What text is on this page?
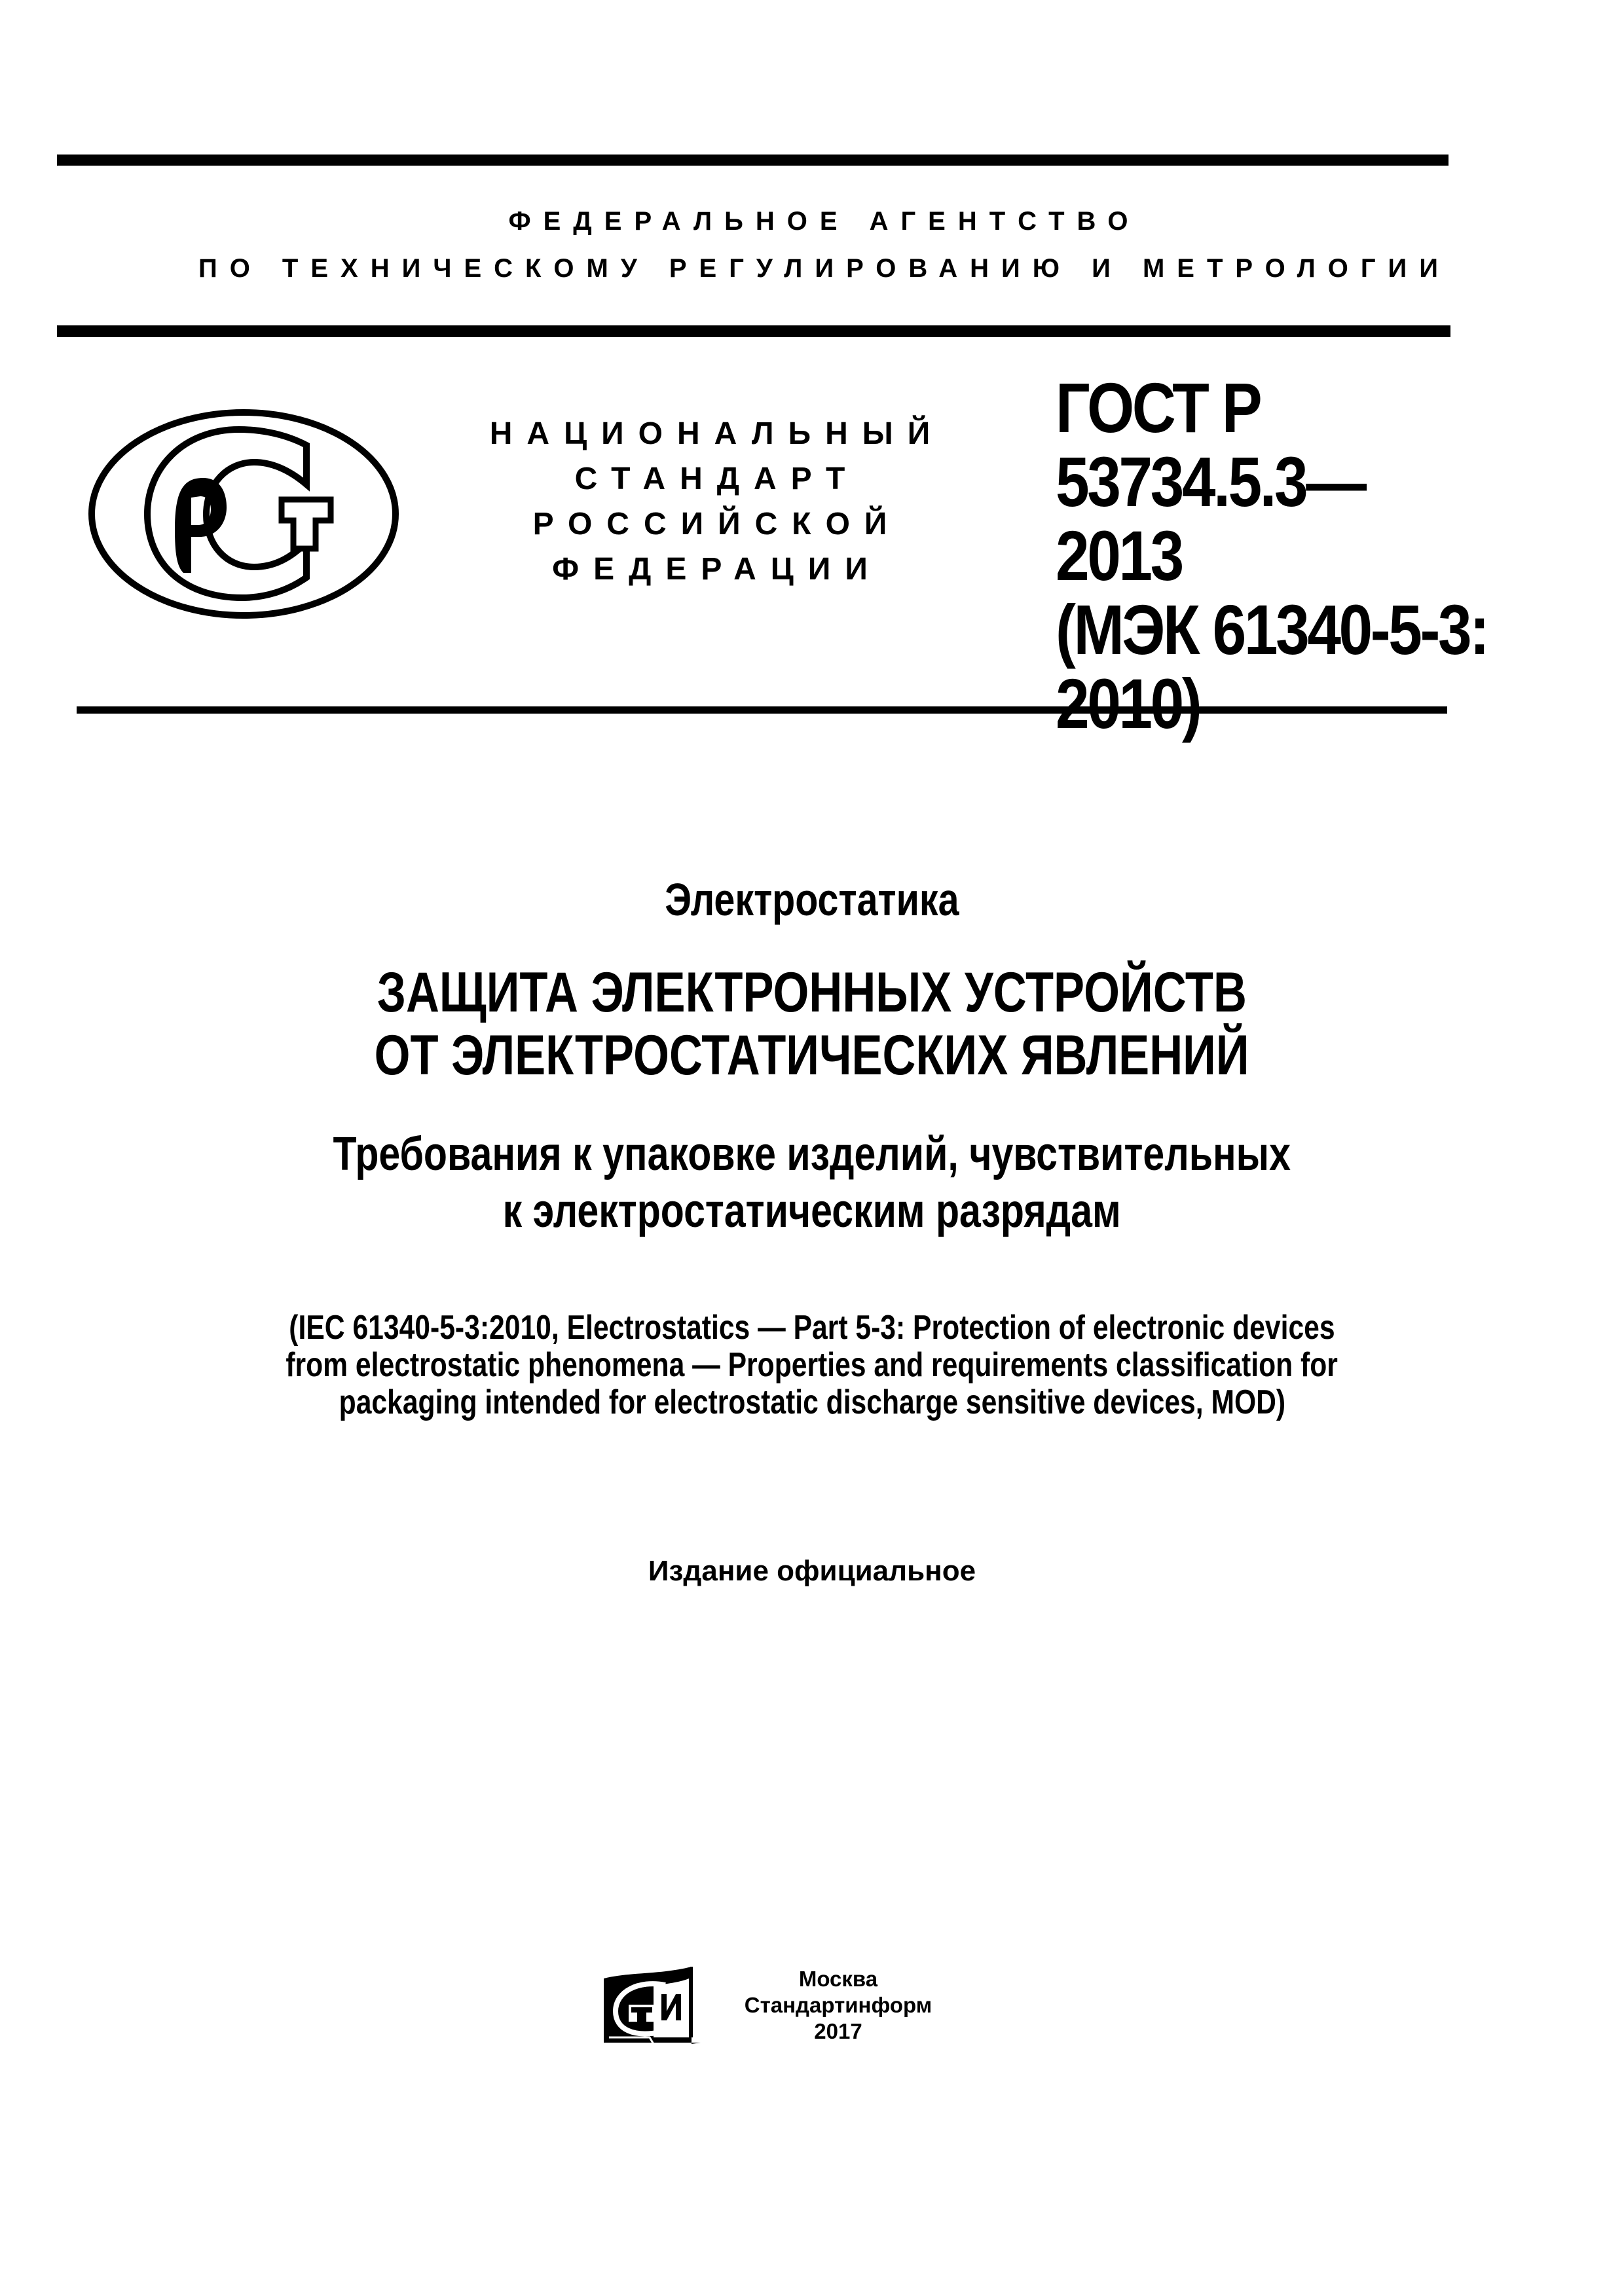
ФЕДЕРАЛЬНОЕ АГЕНТСТВО
ПО ТЕХНИЧЕСКОМУ РЕГУЛИРОВАНИЮ И МЕТРОЛОГИИ
НАЦИОНАЛЬНЫЙ
СТАНДАРТ
РОССИЙСКОЙ
ФЕДЕРАЦИИ
ГОСТ Р
53734.5.3—
2013
(МЭК 61340-5-3:
2010)
Электростатика
ЗАЩИТА ЭЛЕКТРОННЫХ УСТРОЙСТВ
ОТ ЭЛЕКТРОСТАТИЧЕСКИХ ЯВЛЕНИЙ
Требования к упаковке изделий, чувствительных
к электростатическим разрядам
(IEC 61340-5-3:2010, Electrostatics — Part 5-3: Protection of electronic devices
from electrostatic phenomena — Properties and requirements classification for
packaging intended for electrostatic discharge sensitive devices, MOD)
Издание официальное
Москва
Стандартинформ
2017
